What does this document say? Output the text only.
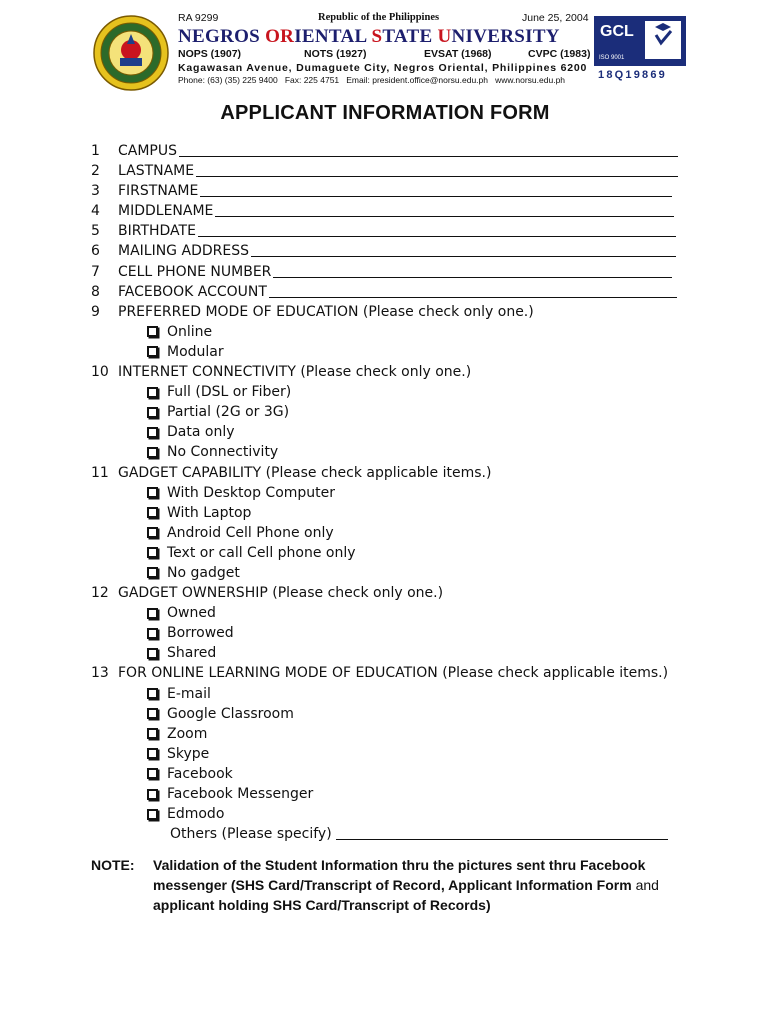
RA 9299	Republic of the Philippines	June 25, 2004
NEGROS ORIENTAL STATE UNIVERSITY
NOPS (1907)	NOTS (1927)	EVSAT (1968)	CVPC (1983)
Kagawasan Avenue, Dumaguete City, Negros Oriental, Philippines 6200
Phone: (63) (35) 225 9400 Fax: 225 4751 Email: president.office@norsu.edu.ph www.norsu.edu.ph
GCL
ISO 9001
18Q19869
APPLICANT INFORMATION FORM
1	CAMPUS
2	LASTNAME
3	FIRSTNAME
4	MIDDLENAME
5	BIRTHDATE
6	MAILING ADDRESS
7	CELL PHONE NUMBER
8	FACEBOOK ACCOUNT
9	PREFERRED MODE OF EDUCATION (Please check only one.)
Online
Modular
10 INTERNET CONNECTIVITY (Please check only one.)
Full (DSL or Fiber)
Partial (2G or 3G)
Data only
No Connectivity
11 GADGET CAPABILITY (Please check applicable items.)
With Desktop Computer
With Laptop
Android Cell Phone only
Text or call Cell phone only
No gadget
12 GADGET OWNERSHIP (Please check only one.)
Owned
Borrowed
Shared
13 FOR ONLINE LEARNING MODE OF EDUCATION (Please check applicable items.)
E-mail
Google Classroom
Zoom
Skype
Facebook
Facebook Messenger
Edmodo
Others (Please specify)
NOTE: Validation of the Student Information thru the pictures sent thru Facebook messenger (SHS Card/Transcript of Record, Applicant Information Form and applicant holding SHS Card/Transcript of Records)
